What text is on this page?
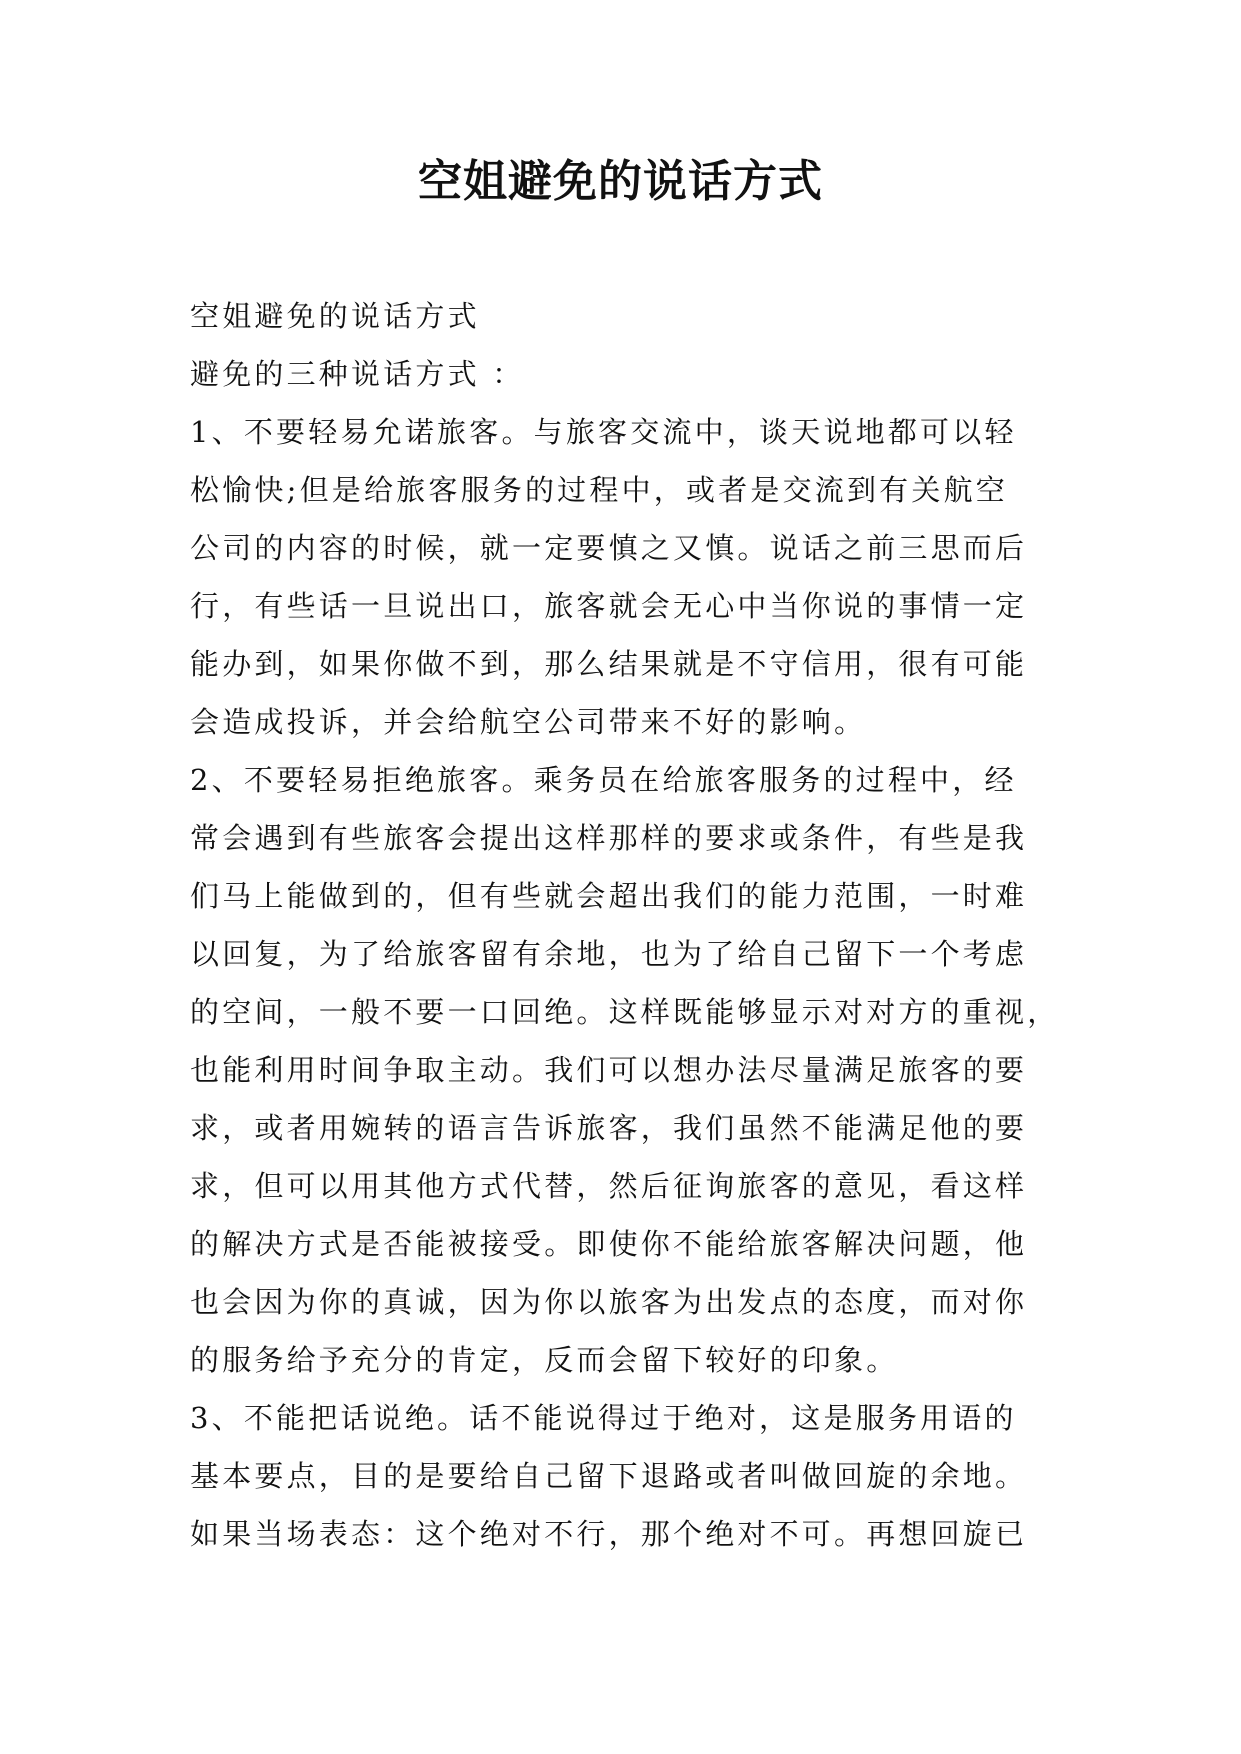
空姐避免的说话方式
空姐避免的说话方式
避免的三种说话方式 ：
1、不要轻易允诺旅客。与旅客交流中，谈天说地都可以轻
松愉快;但是给旅客服务的过程中，或者是交流到有关航空
公司的内容的时候，就一定要慎之又慎。说话之前三思而后
行，有些话一旦说出口，旅客就会无心中当你说的事情一定
能办到，如果你做不到，那么结果就是不守信用，很有可能
会造成投诉，并会给航空公司带来不好的影响。
2、不要轻易拒绝旅客。乘务员在给旅客服务的过程中，经
常会遇到有些旅客会提出这样那样的要求或条件，有些是我
们马上能做到的，但有些就会超出我们的能力范围，一时难
以回复，为了给旅客留有余地，也为了给自己留下一个考虑
的空间，一般不要一口回绝。这样既能够显示对对方的重视，
也能利用时间争取主动。我们可以想办法尽量满足旅客的要
求，或者用婉转的语言告诉旅客，我们虽然不能满足他的要
求，但可以用其他方式代替，然后征询旅客的意见，看这样
的解决方式是否能被接受。即使你不能给旅客解决问题，他
也会因为你的真诚，因为你以旅客为出发点的态度，而对你
的服务给予充分的肯定，反而会留下较好的印象。
3、不能把话说绝。话不能说得过于绝对，这是服务用语的
基本要点，目的是要给自己留下退路或者叫做回旋的余地。
如果当场表态：这个绝对不行，那个绝对不可。再想回旋已
